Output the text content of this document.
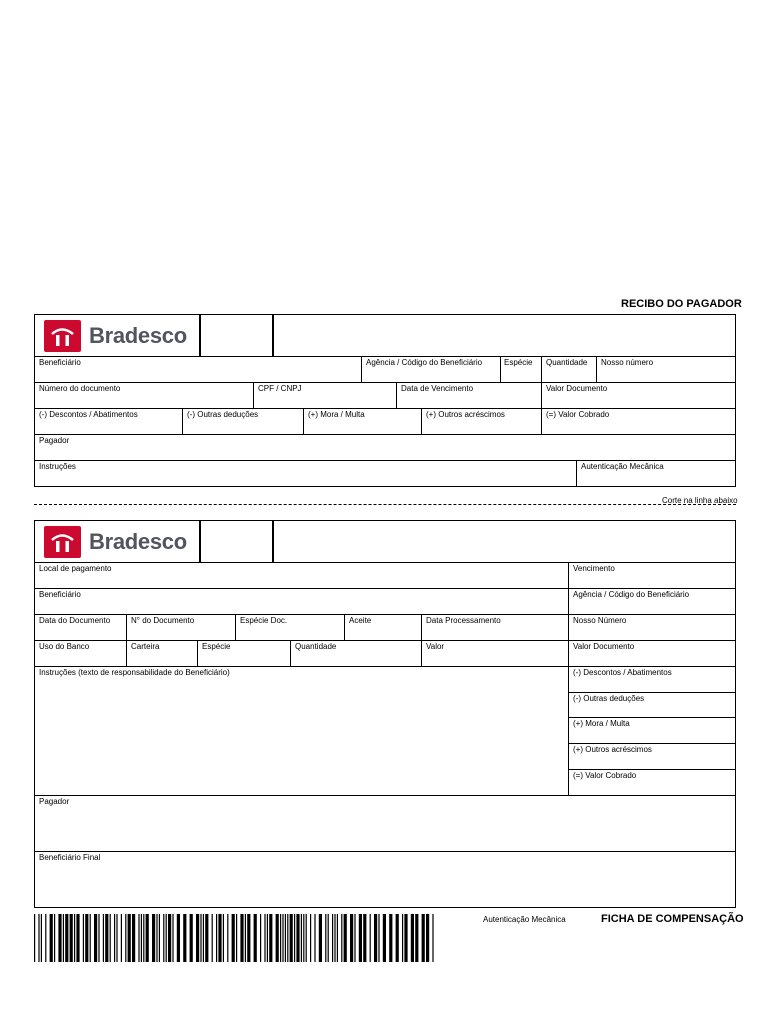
RECIBO DO PAGADOR
Bradesco
Beneficiário	Agência / Código do Beneficiário	Espécie Quantidade Nosso número
Número do documento	CPF / CNPJ	Data de Vencimento	Valor Documento
(-) Descontos / Abatimentos	(-) Outras deduções	(+) Mora / Multa	(+) Outros acréscimos	(=) Valor Cobrado
Pagador
Instruções	Autenticação Mecânica
Corte na linha abaixo
Bradesco
Local de pagamento	Vencimento
Beneficiário	Agência / Código do Beneficiário
Data do Documento	N° do Documento	Espécie Doc.	Aceite	Data Processamento	Nosso Número
Uso do Banco	Carteira	Espécie	Quantidade	Valor	Valor Documento
Instruções (texto de responsabilidade do Beneficiário)	(-) Descontos / Abatimentos
(-) Outras deduções
(+) Mora / Multa
(+) Outros acréscimos
(=) Valor Cobrado
Pagador
Beneficiário Final
Autenticação Mecânica	FICHA DE COMPENSAÇÃO
